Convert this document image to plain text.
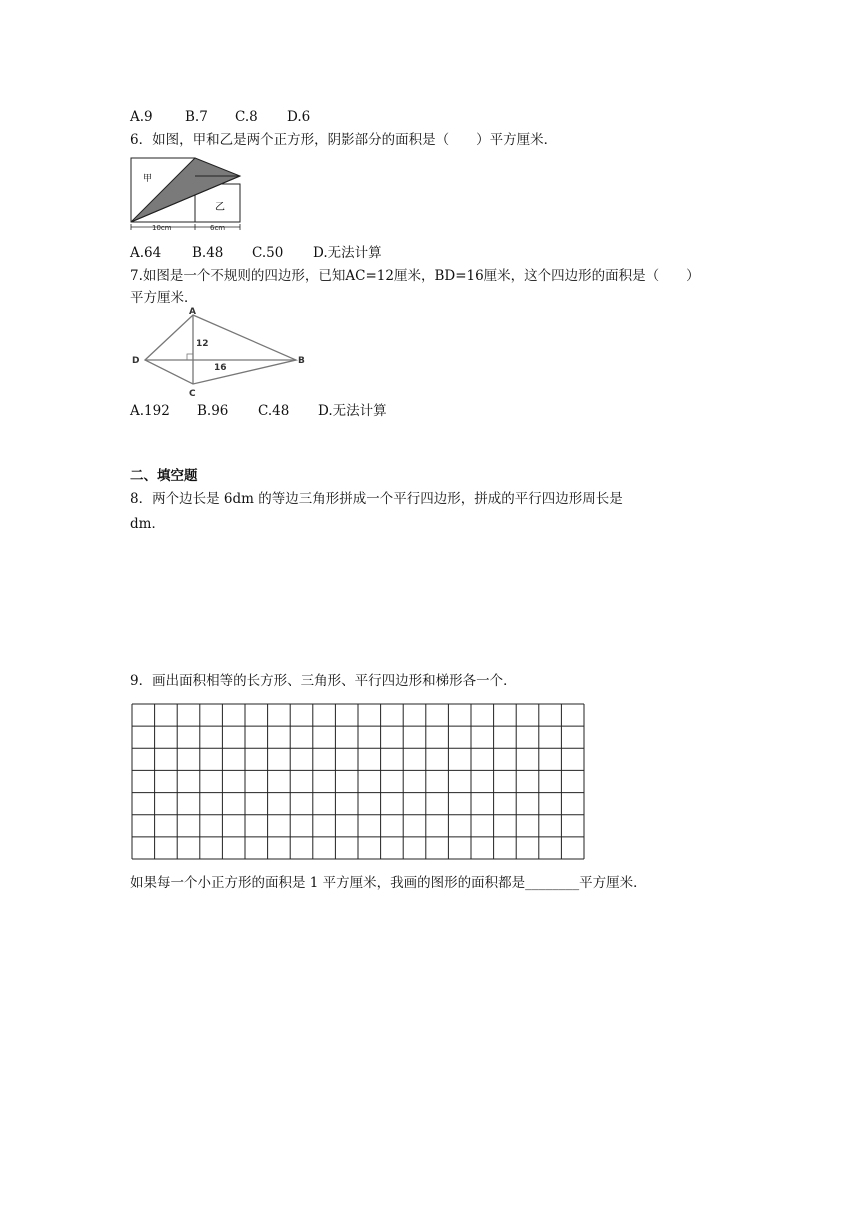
A.9 B.7 C.8 D.6
6．如图，甲和乙是两个正方形，阴影部分的面积是（　　）平方厘米．
甲
乙
10cm	6cm
A.64 B.48 C.50 D.无法计算
7.如图是一个不规则的四边形，已知AC=12厘米，BD=16厘米，这个四边形的面积是（　　）
平方厘米．
A
B
C
D
12
16
A.192 B.96 C.48 D.无法计算
二、填空题
8．两个边长是 6dm 的等边三角形拼成一个平行四边形，拼成的平行四边形周长是
dm．
9．画出面积相等的长方形、三角形、平行四边形和梯形各一个．
如果每一个小正方形的面积是 1 平方厘米，我画的图形的面积都是________平方厘米．
